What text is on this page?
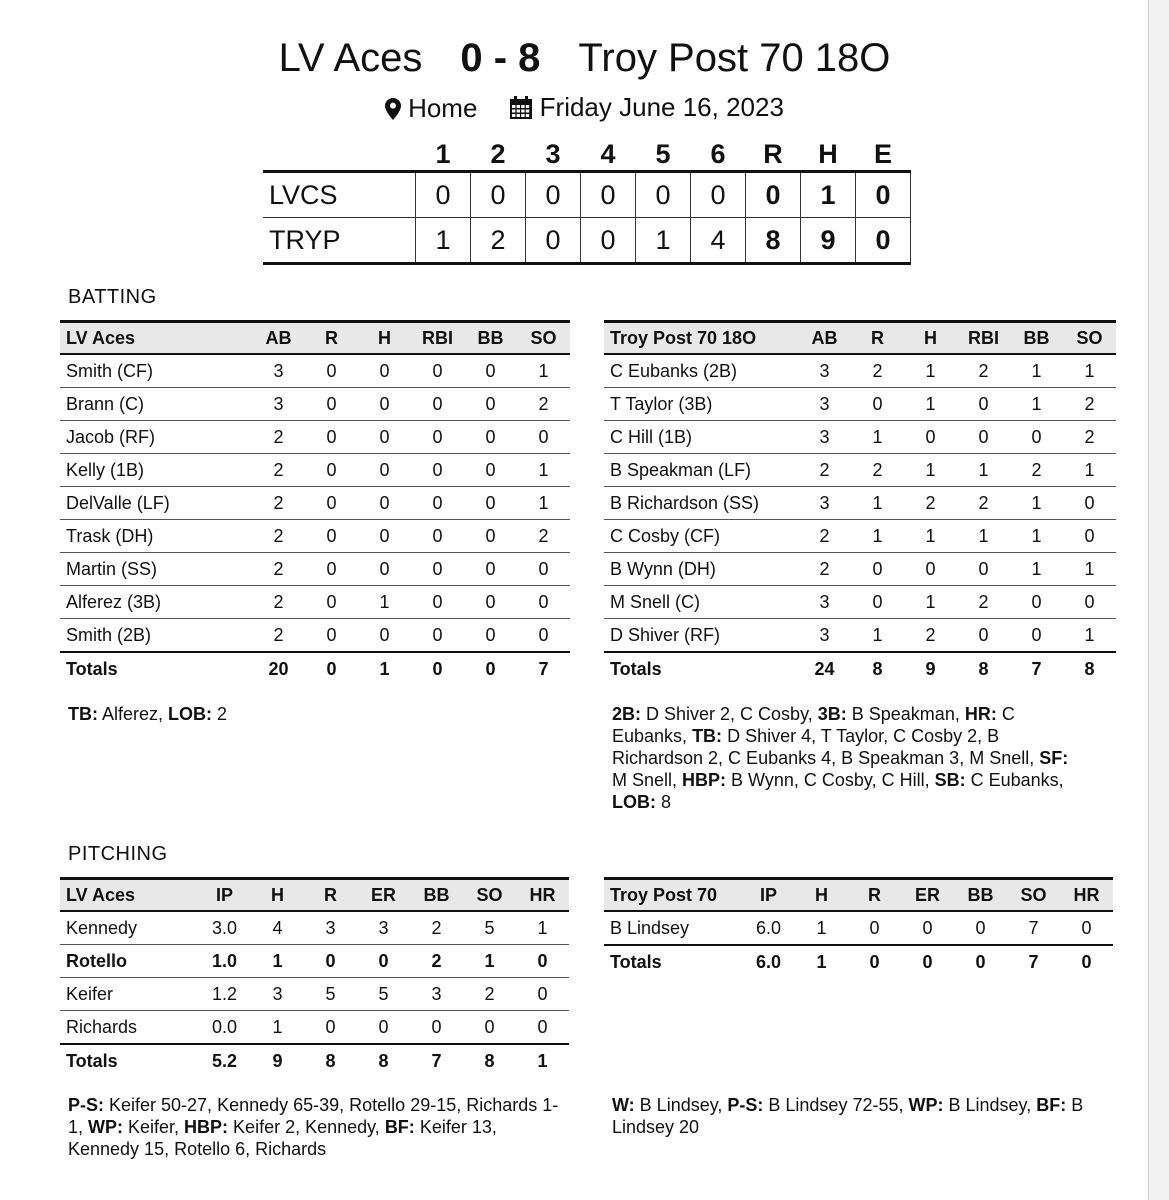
LV Aces 0 - 8 Troy Post 70 18O
Home
Friday June 16, 2023
	1	2	3	4	5	6	R	H	E
LVCS	0	0	0	0	0	0	0	1	0
TRYP	1	2	0	0	1	4	8	9	0
BATTING
LV Aces	AB	R	H	RBI	BB	SO
Smith (CF)	3	0	0	0	0	1
Brann (C)	3	0	0	0	0	2
Jacob (RF)	2	0	0	0	0	0
Kelly (1B)	2	0	0	0	0	1
DelValle (LF)	2	0	0	0	0	1
Trask (DH)	2	0	0	0	0	2
Martin (SS)	2	0	0	0	0	0
Alferez (3B)	2	0	1	0	0	0
Smith (2B)	2	0	0	0	0	0
Totals	20	0	1	0	0	7
Troy Post 70 18O	AB	R	H	RBI	BB	SO
C Eubanks (2B)	3	2	1	2	1	1
T Taylor (3B)	3	0	1	0	1	2
C Hill (1B)	3	1	0	0	0	2
B Speakman (LF)	2	2	1	1	2	1
B Richardson (SS)	3	1	2	2	1	0
C Cosby (CF)	2	1	1	1	1	0
B Wynn (DH)	2	0	0	0	1	1
M Snell (C)	3	0	1	2	0	0
D Shiver (RF)	3	1	2	0	0	1
Totals	24	8	9	8	7	8
TB: Alferez, LOB: 2	2B: D Shiver 2, C Cosby, 3B: B Speakman, HR: C Eubanks, TB: D Shiver 4, T Taylor, C Cosby 2, B Richardson 2, C Eubanks 4, B Speakman 3, M Snell, SF: M Snell, HBP: B Wynn, C Cosby, C Hill, SB: C Eubanks, LOB: 8
PITCHING
LV Aces	IP	H	R	ER	BB	SO	HR
Kennedy	3.0	4	3	3	2	5	1
Rotello	1.0	1	0	0	2	1	0
Keifer	1.2	3	5	5	3	2	0
Richards	0.0	1	0	0	0	0	0
Totals	5.2	9	8	8	7	8	1
Troy Post 70	IP	H	R	ER	BB	SO	HR
B Lindsey	6.0	1	0	0	0	7	0
Totals	6.0	1	0	0	0	7	0
P-S: Keifer 50-27, Kennedy 65-39, Rotello 29-15, Richards 1-1, WP: Keifer, HBP: Keifer 2, Kennedy, BF: Keifer 13, Kennedy 15, Rotello 6, Richards
W: B Lindsey, P-S: B Lindsey 72-55, WP: B Lindsey, BF: B Lindsey 20
